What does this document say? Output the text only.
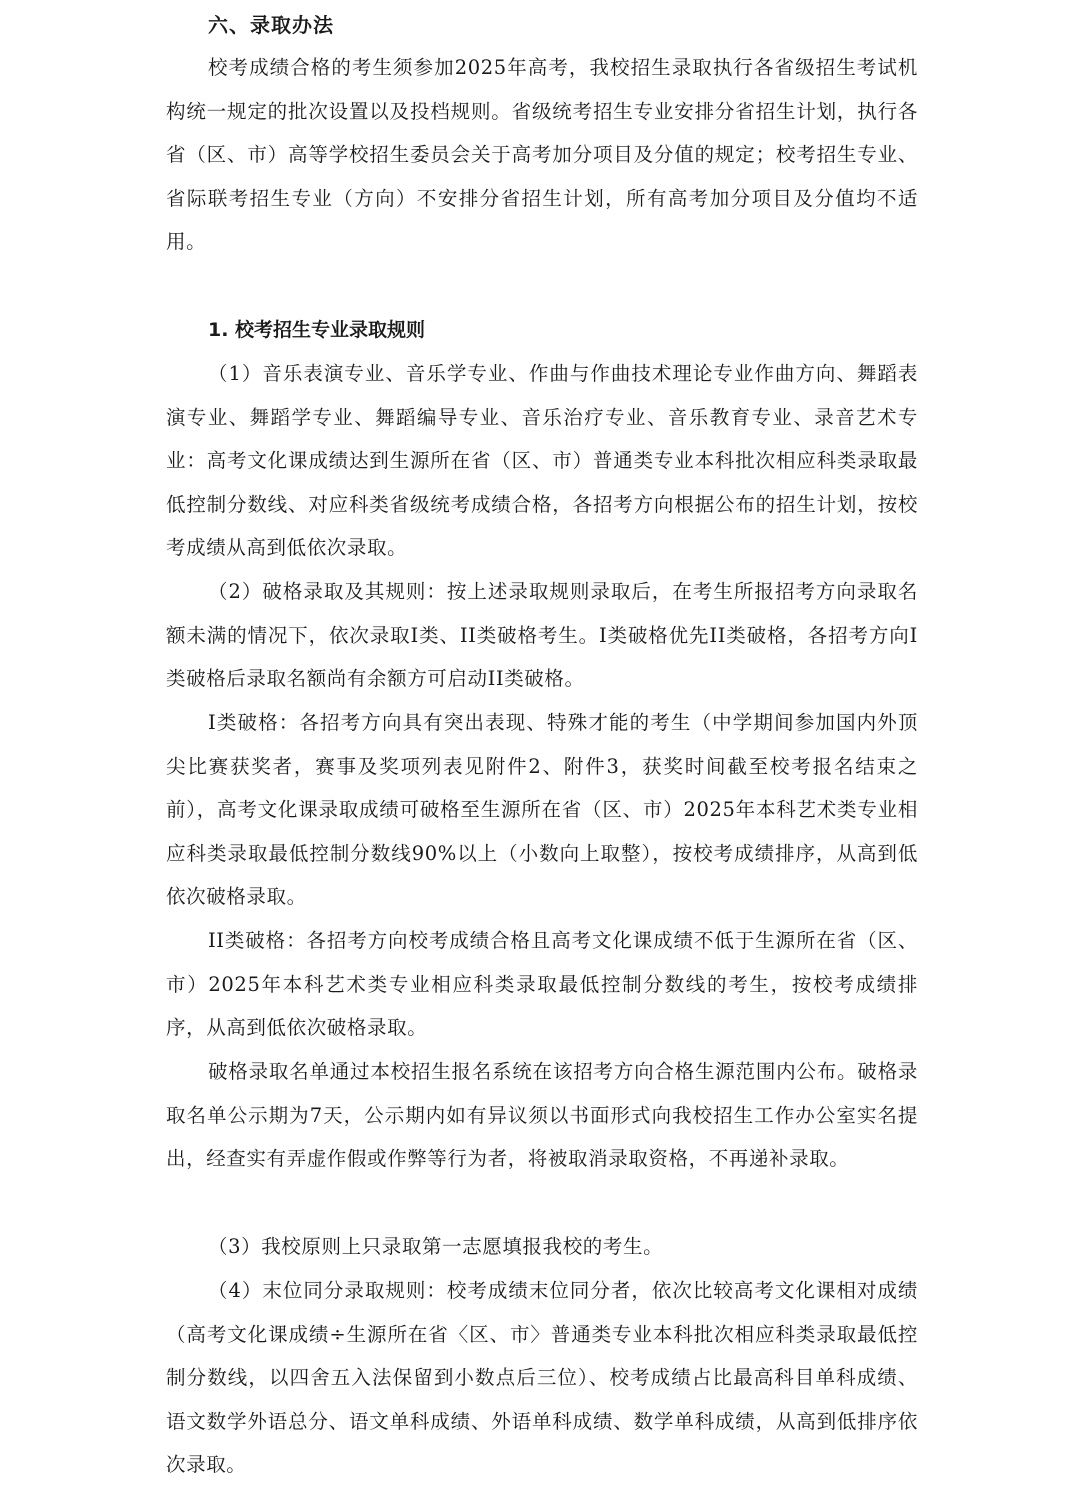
六、录取办法

校考成绩合格的考生须参加2025年高考，我校招生录取执行各省级招生考试机构统一规定的批次设置以及投档规则。省级统考招生专业安排分省招生计划，执行各省（区、市）高等学校招生委员会关于高考加分项目及分值的规定；校考招生专业、省际联考招生专业（方向）不安排分省招生计划，所有高考加分项目及分值均不适用。

1. 校考招生专业录取规则

（1）音乐表演专业、音乐学专业、作曲与作曲技术理论专业作曲方向、舞蹈表演专业、舞蹈学专业、舞蹈编导专业、音乐治疗专业、音乐教育专业、录音艺术专业：高考文化课成绩达到生源所在省（区、市）普通类专业本科批次相应科类录取最低控制分数线、对应科类省级统考成绩合格，各招考方向根据公布的招生计划，按校考成绩从高到低依次录取。

（2）破格录取及其规则：按上述录取规则录取后，在考生所报招考方向录取名额未满的情况下，依次录取Ⅰ类、II类破格考生。Ⅰ类破格优先II类破格，各招考方向Ⅰ类破格后录取名额尚有余额方可启动II类破格。

Ⅰ类破格：各招考方向具有突出表现、特殊才能的考生（中学期间参加国内外顶尖比赛获奖者，赛事及奖项列表见附件2、附件3，获奖时间截至校考报名结束之前），高考文化课录取成绩可破格至生源所在省（区、市）2025年本科艺术类专业相应科类录取最低控制分数线90%以上（小数向上取整），按校考成绩排序，从高到低依次破格录取。

II类破格：各招考方向校考成绩合格且高考文化课成绩不低于生源所在省（区、市）2025年本科艺术类专业相应科类录取最低控制分数线的考生，按校考成绩排序，从高到低依次破格录取。

破格录取名单通过本校招生报名系统在该招考方向合格生源范围内公布。破格录取名单公示期为7天，公示期内如有异议须以书面形式向我校招生工作办公室实名提出，经查实有弄虚作假或作弊等行为者，将被取消录取资格，不再递补录取。

（3）我校原则上只录取第一志愿填报我校的考生。

（4）末位同分录取规则：校考成绩末位同分者，依次比较高考文化课相对成绩（高考文化课成绩÷生源所在省〈区、市〉普通类专业本科批次相应科类录取最低控制分数线，以四舍五入法保留到小数点后三位）、校考成绩占比最高科目单科成绩、语文数学外语总分、语文单科成绩、外语单科成绩、数学单科成绩，从高到低排序依次录取。
